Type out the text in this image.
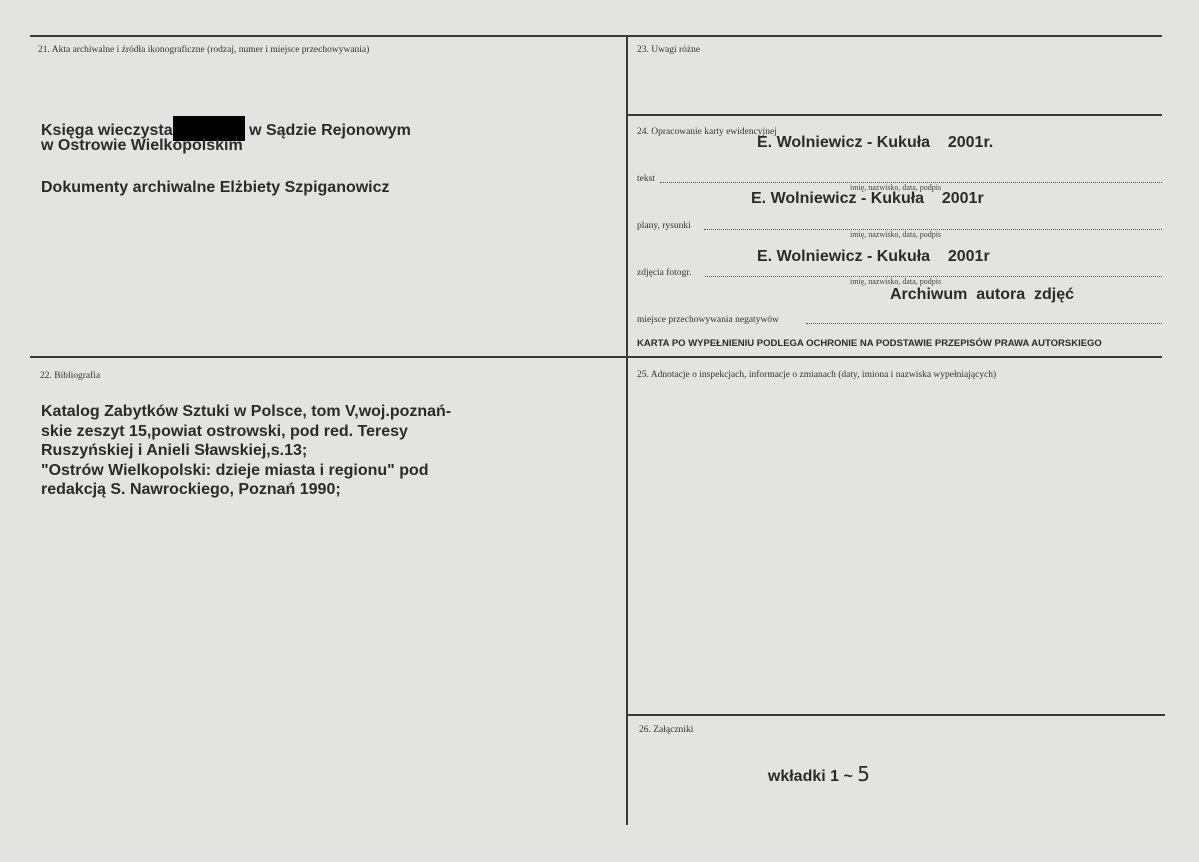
21. Akta archiwalne i źródła ikonograficzne (rodzaj, numer i miejsce przechowywania)
Księga wieczysta	w Sądzie Rejonowym
w Ostrowie Wielkopolskim
Dokumenty archiwalne Elżbiety Szpiganowicz
22. Bibliografia
Katalog Zabytków Sztuki w Polsce, tom V,woj.poznań-
skie zeszyt 15,powiat ostrowski, pod red. Teresy
Ruszyńskiej i Anieli Sławskiej,s.13;
"Ostrów Wielkopolski: dzieje miasta i regionu" pod
redakcją S. Nawrockiego, Poznań 1990;
23. Uwagi różne
24. Opracowanie karty ewidencyjnej
E. Wolniewicz - Kukuła    2001r.
tekst
imię, nazwisko, data, podpis
E. Wolniewicz - Kukuła    2001r
plany, rysunki
imię, nazwisko, data, podpis
E. Wolniewicz - Kukuła    2001r
zdjęcia fotogr.
imię, nazwisko, data, podpis
Archiwum  autora  zdjęć
miejsce przechowywania negatywów
KARTA PO WYPEŁNIENIU PODLEGA OCHRONIE NA PODSTAWIE PRZEPISÓW PRAWA AUTORSKIEGO
25. Adnotacje o inspekcjach, informacje o zmianach (daty, imiona i nazwiska wypełniających)
26. Załączniki

wkładki 1 ~ 5
